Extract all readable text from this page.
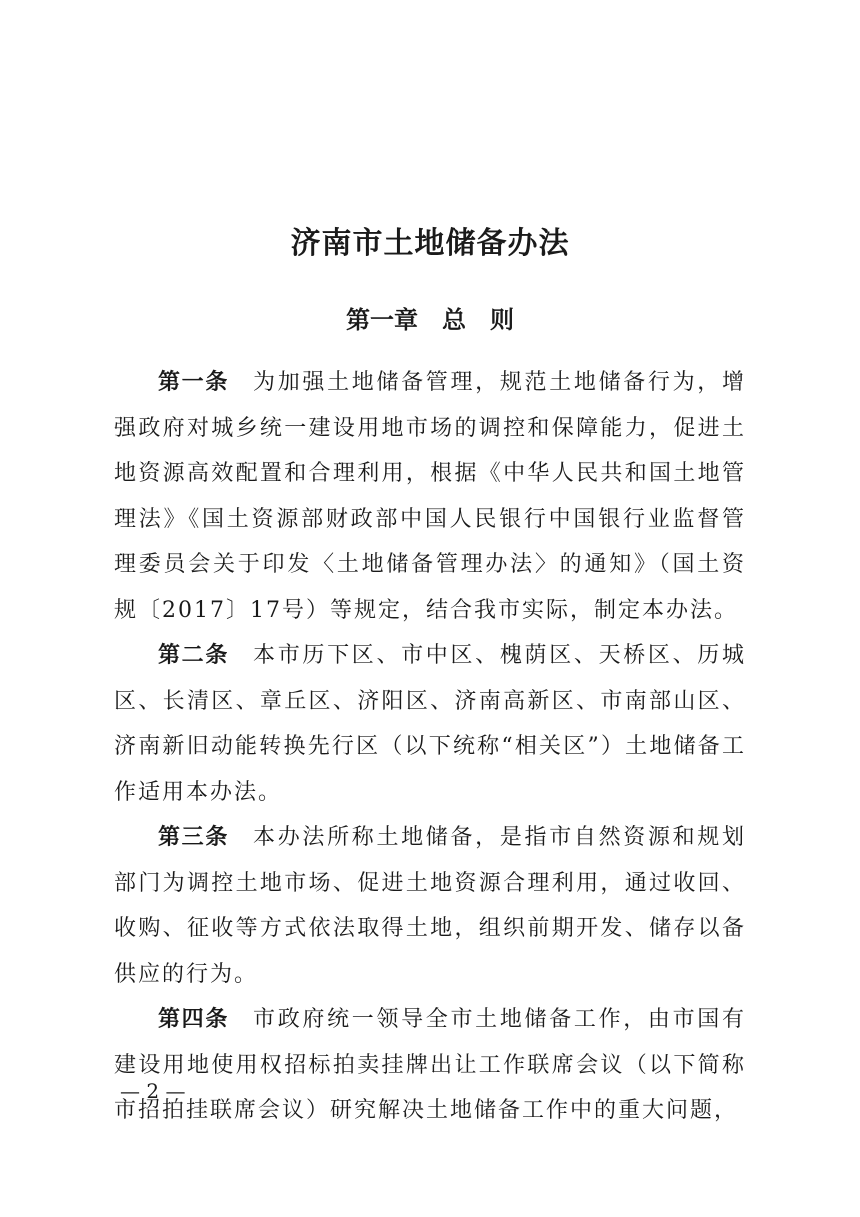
济南市土地储备办法
第一章　总　则

第一条 为加强土地储备管理，规范土地储备行为，增强政府对城乡统一建设用地市场的调控和保障能力，促进土地资源高效配置和合理利用，根据《中华人民共和国土地管理法》《国土资源部财政部中国人民银行中国银行业监督管理委员会关于印发〈土地储备管理办法〉的通知》（国土资规〔2017〕17号）等规定，结合我市实际，制定本办法。

第二条 本市历下区、市中区、槐荫区、天桥区、历城区、长清区、章丘区、济阳区、济南高新区、市南部山区、济南新旧动能转换先行区（以下统称“相关区”）土地储备工作适用本办法。

第三条 本办法所称土地储备，是指市自然资源和规划部门为调控土地市场、促进土地资源合理利用，通过收回、收购、征收等方式依法取得土地，组织前期开发、储存以备供应的行为。

第四条 市政府统一领导全市土地储备工作，由市国有建设用地使用权招标拍卖挂牌出让工作联席会议（以下简称市招拍挂联席会议）研究解决土地储备工作中的重大问题，

— 2 —
